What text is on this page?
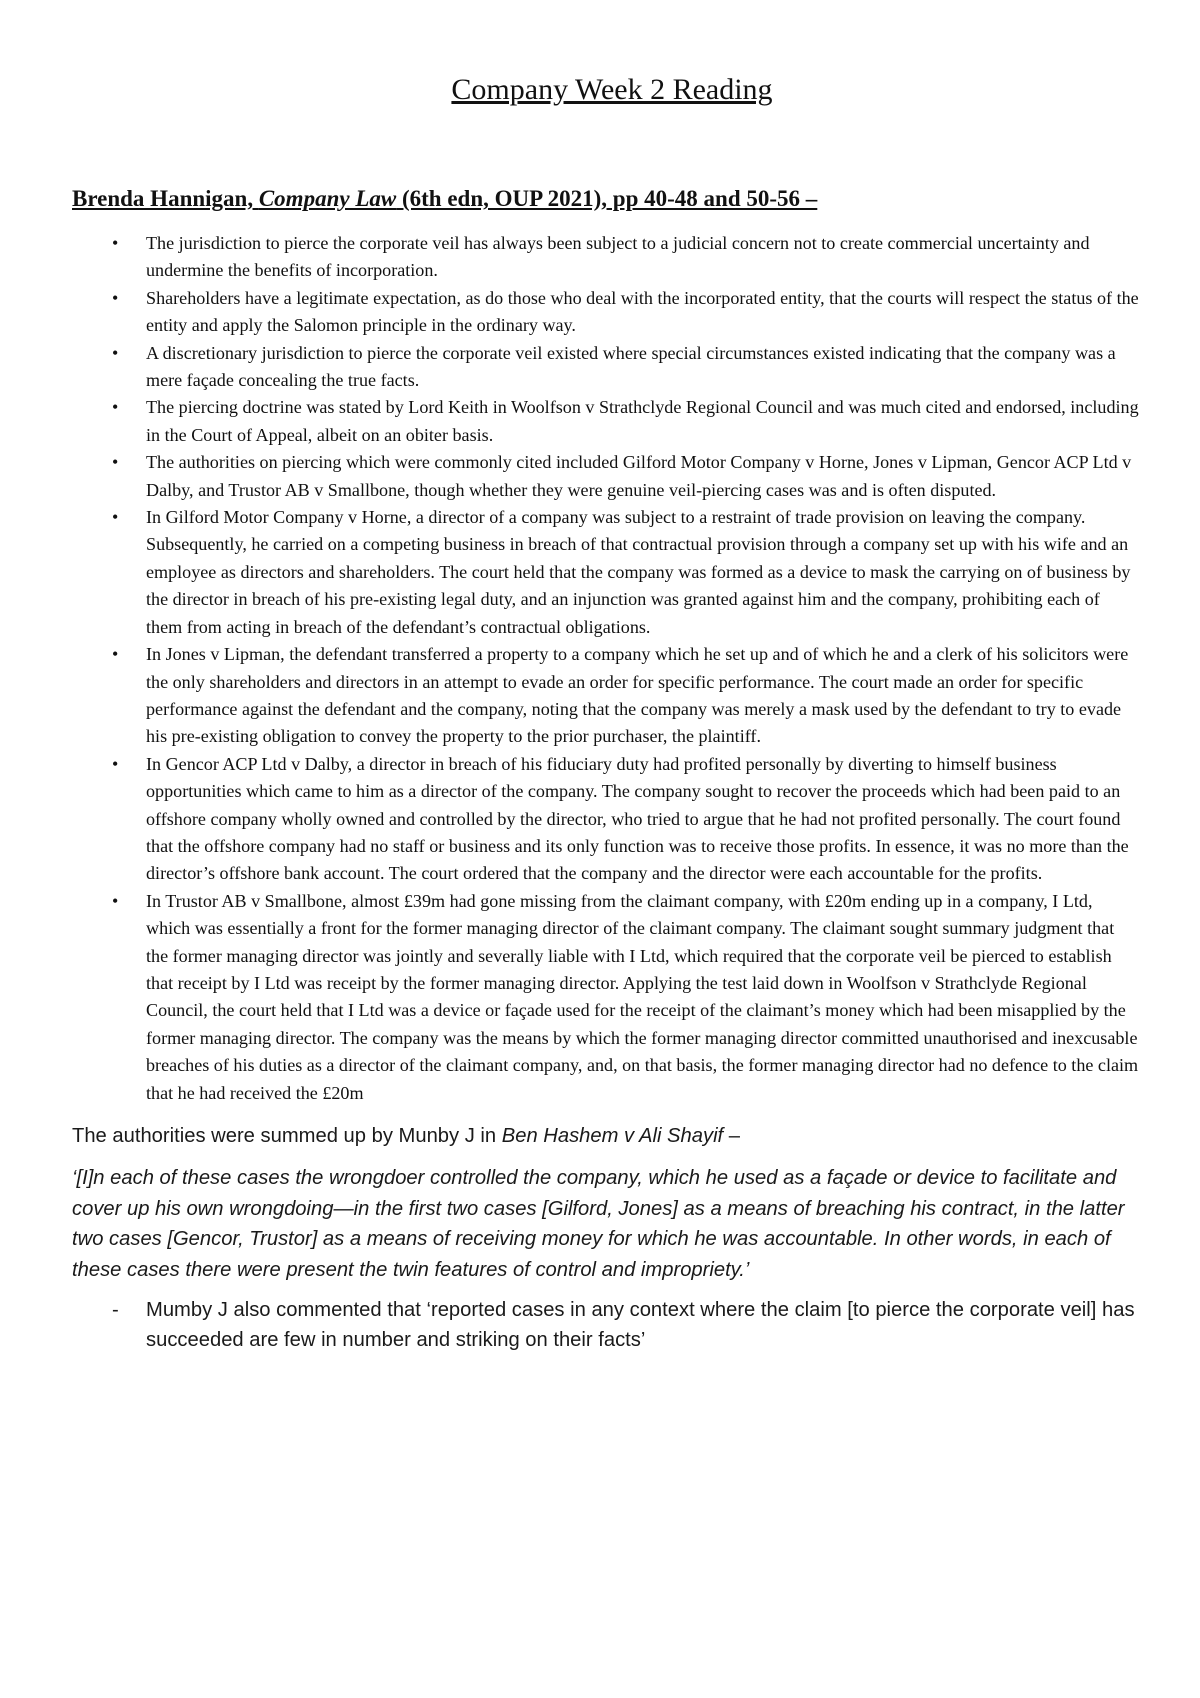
Company Week 2 Reading

Brenda Hannigan, Company Law (6th edn, OUP 2021), pp 40-48 and 50-56 –

• The jurisdiction to pierce the corporate veil has always been subject to a judicial concern not to create commercial uncertainty and undermine the benefits of incorporation.
• Shareholders have a legitimate expectation, as do those who deal with the incorporated entity, that the courts will respect the status of the entity and apply the Salomon principle in the ordinary way.
• A discretionary jurisdiction to pierce the corporate veil existed where special circumstances existed indicating that the company was a mere façade concealing the true facts.
• The piercing doctrine was stated by Lord Keith in Woolfson v Strathclyde Regional Council and was much cited and endorsed, including in the Court of Appeal, albeit on an obiter basis.
• The authorities on piercing which were commonly cited included Gilford Motor Company v Horne, Jones v Lipman, Gencor ACP Ltd v Dalby, and Trustor AB v Smallbone, though whether they were genuine veil-piercing cases was and is often disputed.
• In Gilford Motor Company v Horne, a director of a company was subject to a restraint of trade provision on leaving the company. Subsequently, he carried on a competing business in breach of that contractual provision through a company set up with his wife and an employee as directors and shareholders. The court held that the company was formed as a device to mask the carrying on of business by the director in breach of his pre-existing legal duty, and an injunction was granted against him and the company, prohibiting each of them from acting in breach of the defendant’s contractual obligations.
• In Jones v Lipman, the defendant transferred a property to a company which he set up and of which he and a clerk of his solicitors were the only shareholders and directors in an attempt to evade an order for specific performance. The court made an order for specific performance against the defendant and the company, noting that the company was merely a mask used by the defendant to try to evade his pre-existing obligation to convey the property to the prior purchaser, the plaintiff.
• In Gencor ACP Ltd v Dalby, a director in breach of his fiduciary duty had profited personally by diverting to himself business opportunities which came to him as a director of the company. The company sought to recover the proceeds which had been paid to an offshore company wholly owned and controlled by the director, who tried to argue that he had not profited personally. The court found that the offshore company had no staff or business and its only function was to receive those profits. In essence, it was no more than the director’s offshore bank account. The court ordered that the company and the director were each accountable for the profits.
• In Trustor AB v Smallbone, almost £39m had gone missing from the claimant company, with £20m ending up in a company, I Ltd, which was essentially a front for the former managing director of the claimant company. The claimant sought summary judgment that the former managing director was jointly and severally liable with I Ltd, which required that the corporate veil be pierced to establish that receipt by I Ltd was receipt by the former managing director. Applying the test laid down in Woolfson v Strathclyde Regional Council, the court held that I Ltd was a device or façade used for the receipt of the claimant’s money which had been misapplied by the former managing director. The company was the means by which the former managing director committed unauthorised and inexcusable breaches of his duties as a director of the claimant company, and, on that basis, the former managing director had no defence to the claim that he had received the £20m

The authorities were summed up by Munby J in Ben Hashem v Ali Shayif –

‘[I]n each of these cases the wrongdoer controlled the company, which he used as a façade or device to facilitate and cover up his own wrongdoing—in the first two cases [Gilford, Jones] as a means of breaching his contract, in the latter two cases [Gencor, Trustor] as a means of receiving money for which he was accountable. In other words, in each of these cases there were present the twin features of control and impropriety.’

- Mumby J also commented that ‘reported cases in any context where the claim [to pierce the corporate veil] has succeeded are few in number and striking on their facts’
